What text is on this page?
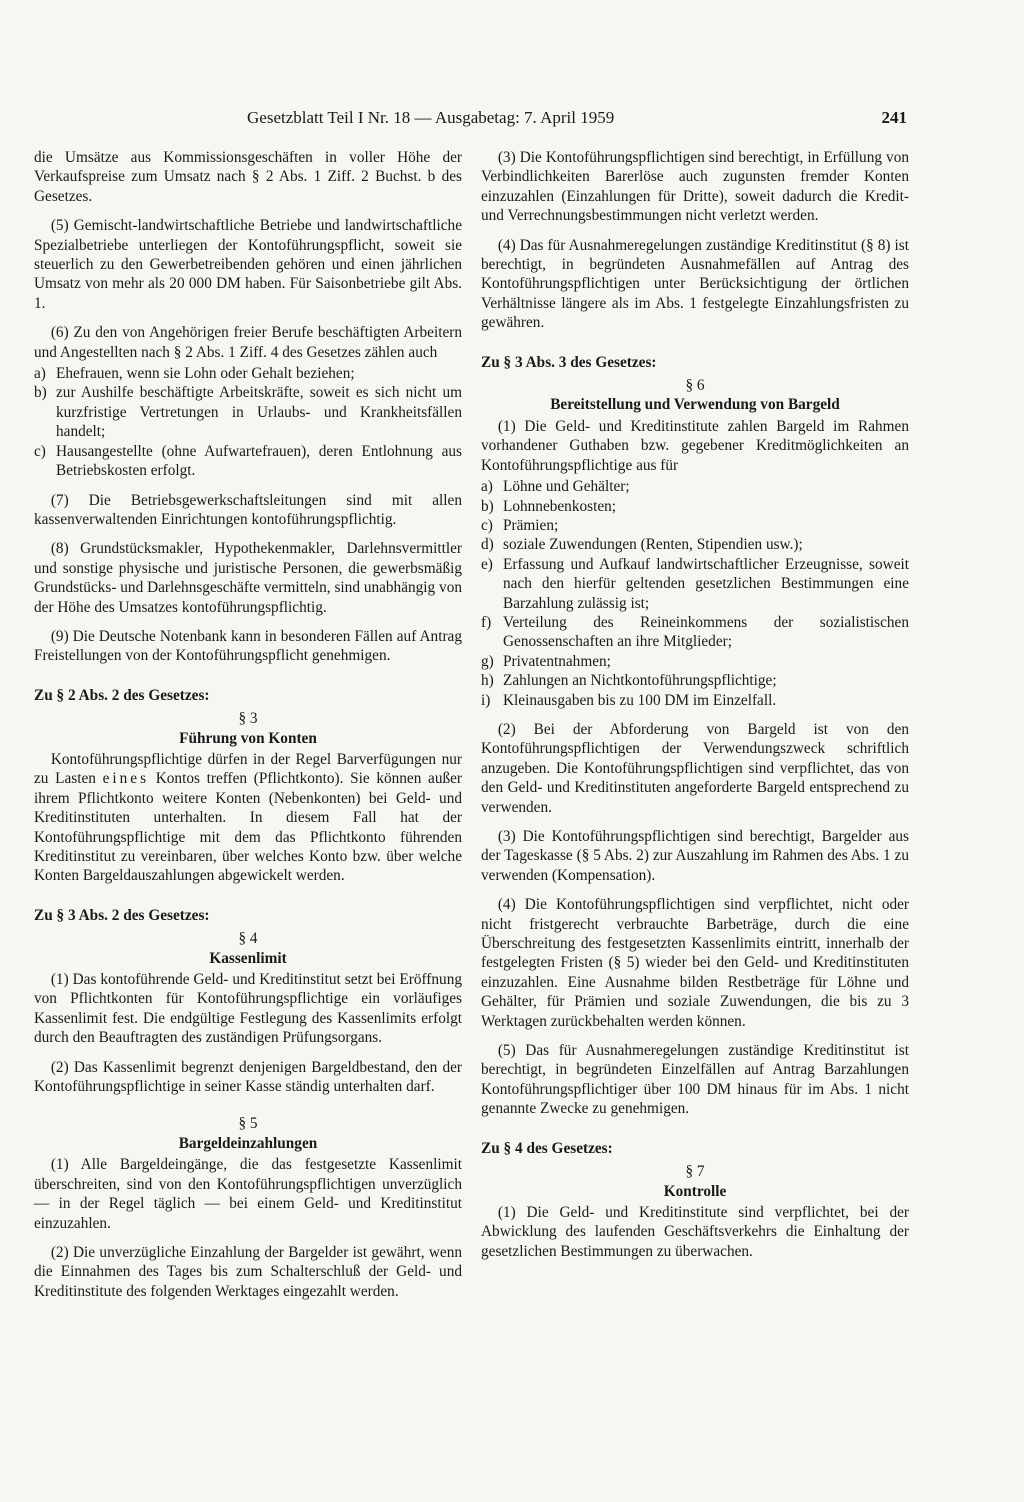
Gesetzblatt Teil I Nr. 18 — Ausgabetag: 7. April 1959	241

die Umsätze aus Kommissionsgeschäften in voller Höhe der Verkaufspreise zum Umsatz nach § 2 Abs. 1 Ziff. 2 Buchst. b des Gesetzes.

(5) Gemischt-landwirtschaftliche Betriebe und landwirtschaftliche Spezialbetriebe unterliegen der Kontoführungspflicht, soweit sie steuerlich zu den Gewerbetreibenden gehören und einen jährlichen Umsatz von mehr als 20 000 DM haben. Für Saisonbetriebe gilt Abs. 1.

(6) Zu den von Angehörigen freier Berufe beschäftigten Arbeitern und Angestellten nach § 2 Abs. 1 Ziff. 4 des Gesetzes zählen auch

a) Ehefrauen, wenn sie Lohn oder Gehalt beziehen;
b) zur Aushilfe beschäftigte Arbeitskräfte, soweit es sich nicht um kurzfristige Vertretungen in Urlaubs- und Krankheitsfällen handelt;
c) Hausangestellte (ohne Aufwartefrauen), deren Entlohnung aus Betriebskosten erfolgt.

(7) Die Betriebsgewerkschaftsleitungen sind mit allen kassenverwaltenden Einrichtungen kontoführungspflichtig.

(8) Grundstücksmakler, Hypothekenmakler, Darlehnsvermittler und sonstige physische und juristische Personen, die gewerbsmäßig Grundstücks- und Darlehnsgeschäfte vermitteln, sind unabhängig von der Höhe des Umsatzes kontoführungspflichtig.

(9) Die Deutsche Notenbank kann in besonderen Fällen auf Antrag Freistellungen von der Kontoführungspflicht genehmigen.

Zu § 2 Abs. 2 des Gesetzes:

§ 3

Führung von Konten

Kontoführungspflichtige dürfen in der Regel Barverfügungen nur zu Lasten eines Kontos treffen (Pflichtkonto). Sie können außer ihrem Pflichtkonto weitere Konten (Nebenkonten) bei Geld- und Kreditinstituten unterhalten. In diesem Fall hat der Kontoführungspflichtige mit dem das Pflichtkonto führenden Kreditinstitut zu vereinbaren, über welches Konto bzw. über welche Konten Bargeldauszahlungen abgewickelt werden.

Zu § 3 Abs. 2 des Gesetzes:

§ 4

Kassenlimit

(1) Das kontoführende Geld- und Kreditinstitut setzt bei Eröffnung von Pflichtkonten für Kontoführungspflichtige ein vorläufiges Kassenlimit fest. Die endgültige Festlegung des Kassenlimits erfolgt durch den Beauftragten des zuständigen Prüfungsorgans.

(2) Das Kassenlimit begrenzt denjenigen Bargeldbestand, den der Kontoführungspflichtige in seiner Kasse ständig unterhalten darf.

§ 5

Bargeldeinzahlungen

(1) Alle Bargeldeingänge, die das festgesetzte Kassenlimit überschreiten, sind von den Kontoführungspflichtigen unverzüglich — in der Regel täglich — bei einem Geld- und Kreditinstitut einzuzahlen.

(2) Die unverzügliche Einzahlung der Bargelder ist gewährt, wenn die Einnahmen des Tages bis zum Schalterschluß der Geld- und Kreditinstitute des folgenden Werktages eingezahlt werden.

(3) Die Kontoführungspflichtigen sind berechtigt, in Erfüllung von Verbindlichkeiten Barerlöse auch zugunsten fremder Konten einzuzahlen (Einzahlungen für Dritte), soweit dadurch die Kredit- und Verrechnungsbestimmungen nicht verletzt werden.

(4) Das für Ausnahmeregelungen zuständige Kreditinstitut (§ 8) ist berechtigt, in begründeten Ausnahmefällen auf Antrag des Kontoführungspflichtigen unter Berücksichtigung der örtlichen Verhältnisse längere als im Abs. 1 festgelegte Einzahlungsfristen zu gewähren.

Zu § 3 Abs. 3 des Gesetzes:

§ 6

Bereitstellung und Verwendung von Bargeld

(1) Die Geld- und Kreditinstitute zahlen Bargeld im Rahmen vorhandener Guthaben bzw. gegebener Kreditmöglichkeiten an Kontoführungspflichtige aus für

a) Löhne und Gehälter;
b) Lohnnebenkosten;
c) Prämien;
d) soziale Zuwendungen (Renten, Stipendien usw.);
e) Erfassung und Aufkauf landwirtschaftlicher Erzeugnisse, soweit nach den hierfür geltenden gesetzlichen Bestimmungen eine Barzahlung zulässig ist;
f) Verteilung des Reineinkommens der sozialistischen Genossenschaften an ihre Mitglieder;
g) Privatentnahmen;
h) Zahlungen an Nichtkontoführungspflichtige;
i) Kleinausgaben bis zu 100 DM im Einzelfall.

(2) Bei der Abforderung von Bargeld ist von den Kontoführungspflichtigen der Verwendungszweck schriftlich anzugeben. Die Kontoführungspflichtigen sind verpflichtet, das von den Geld- und Kreditinstituten angeforderte Bargeld entsprechend zu verwenden.

(3) Die Kontoführungspflichtigen sind berechtigt, Bargelder aus der Tageskasse (§ 5 Abs. 2) zur Auszahlung im Rahmen des Abs. 1 zu verwenden (Kompensation).

(4) Die Kontoführungspflichtigen sind verpflichtet, nicht oder nicht fristgerecht verbrauchte Barbeträge, durch die eine Überschreitung des festgesetzten Kassenlimits eintritt, innerhalb der festgelegten Fristen (§ 5) wieder bei den Geld- und Kreditinstituten einzuzahlen. Eine Ausnahme bilden Restbeträge für Löhne und Gehälter, für Prämien und soziale Zuwendungen, die bis zu 3 Werktagen zurückbehalten werden können.

(5) Das für Ausnahmeregelungen zuständige Kreditinstitut ist berechtigt, in begründeten Einzelfällen auf Antrag Barzahlungen Kontoführungspflichtiger über 100 DM hinaus für im Abs. 1 nicht genannte Zwecke zu genehmigen.

Zu § 4 des Gesetzes:

§ 7

Kontrolle

(1) Die Geld- und Kreditinstitute sind verpflichtet, bei der Abwicklung des laufenden Geschäftsverkehrs die Einhaltung der gesetzlichen Bestimmungen zu überwachen.
